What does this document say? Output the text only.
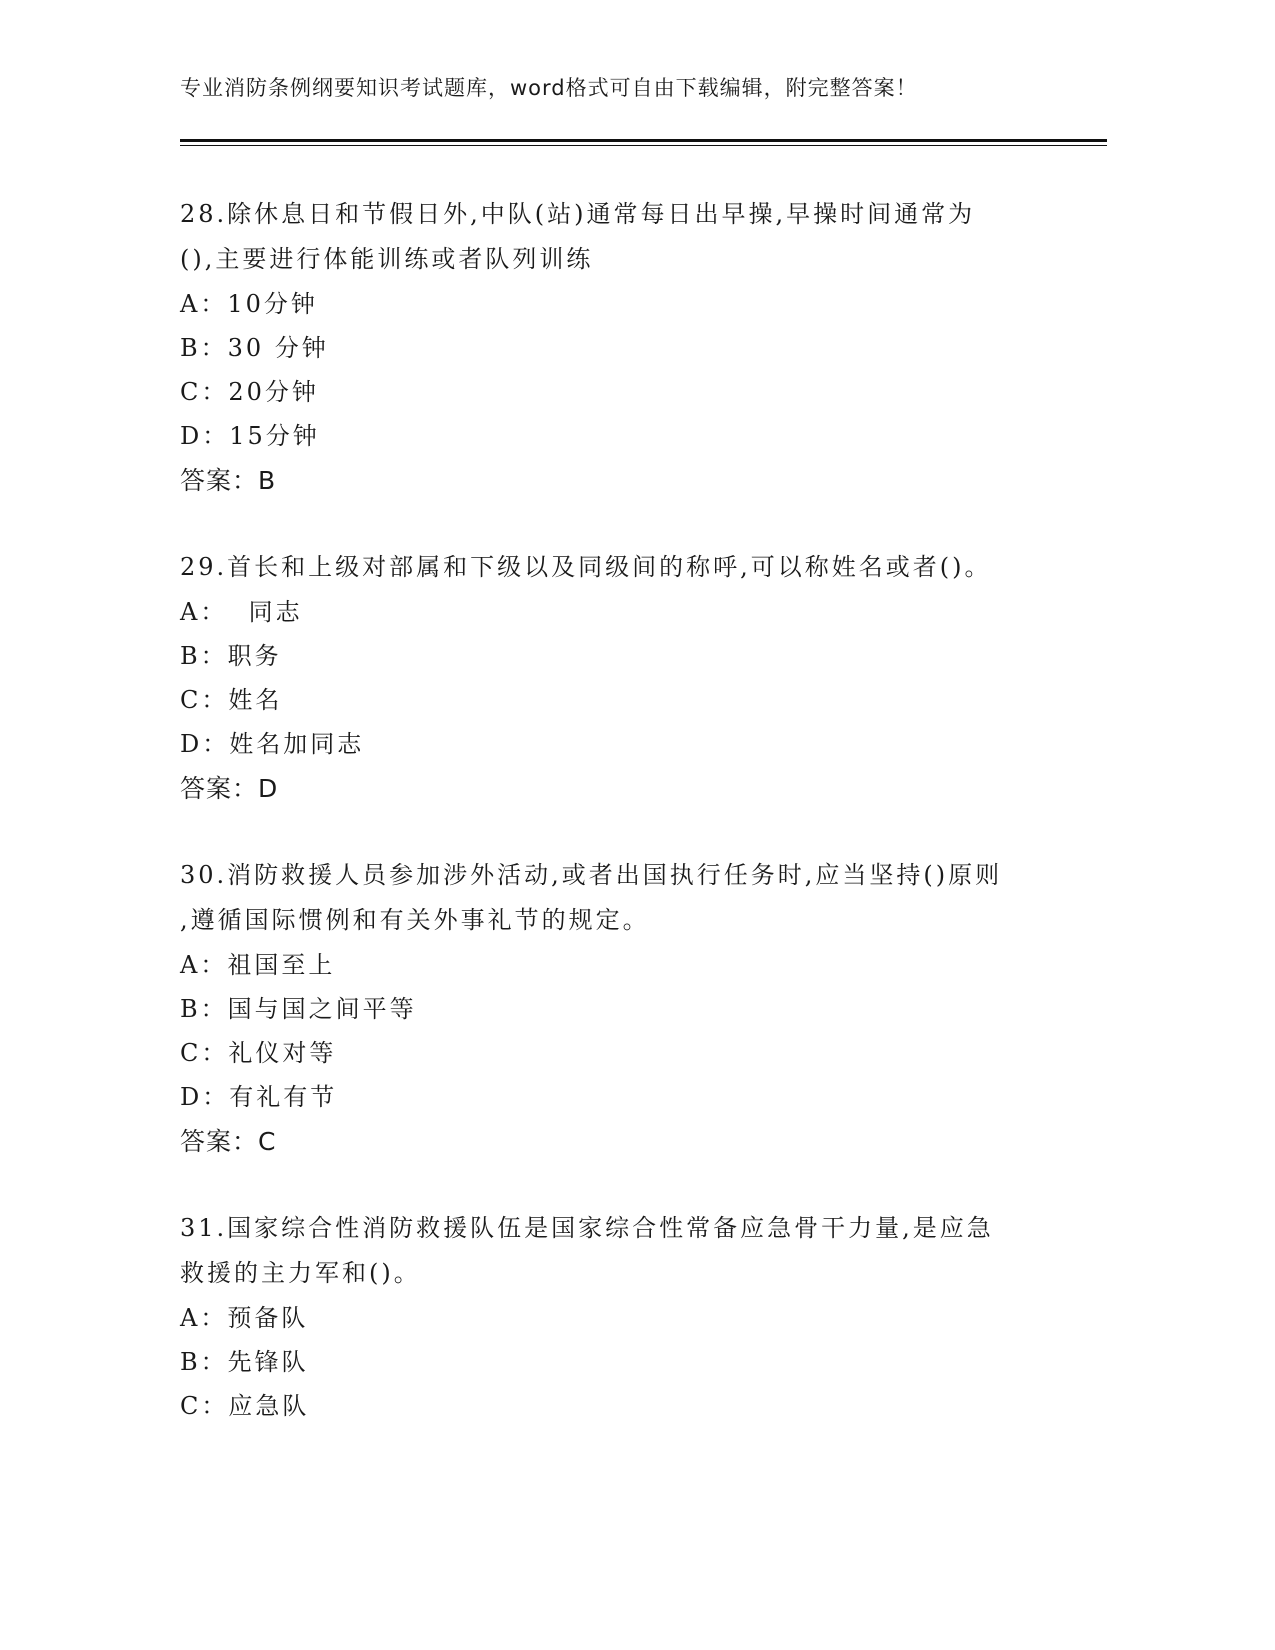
专业消防条例纲要知识考试题库，word格式可自由下载编辑，附完整答案！
28.除休息日和节假日外,中队(站)通常每日出早操,早操时间通常为
(),主要进行体能训练或者队列训练
A：10分钟
B：30 分钟
C：20分钟
D：15分钟
答案：B
29.首长和上级对部属和下级以及同级间的称呼,可以称姓名或者()。
A：  同志
B：职务
C：姓名
D：姓名加同志
答案：D
30.消防救援人员参加涉外活动,或者出国执行任务时,应当坚持()原则
,遵循国际惯例和有关外事礼节的规定。
A：祖国至上
B：国与国之间平等
C：礼仪对等
D：有礼有节
答案：C
31.国家综合性消防救援队伍是国家综合性常备应急骨干力量,是应急
救援的主力军和()。
A：预备队
B：先锋队
C：应急队
